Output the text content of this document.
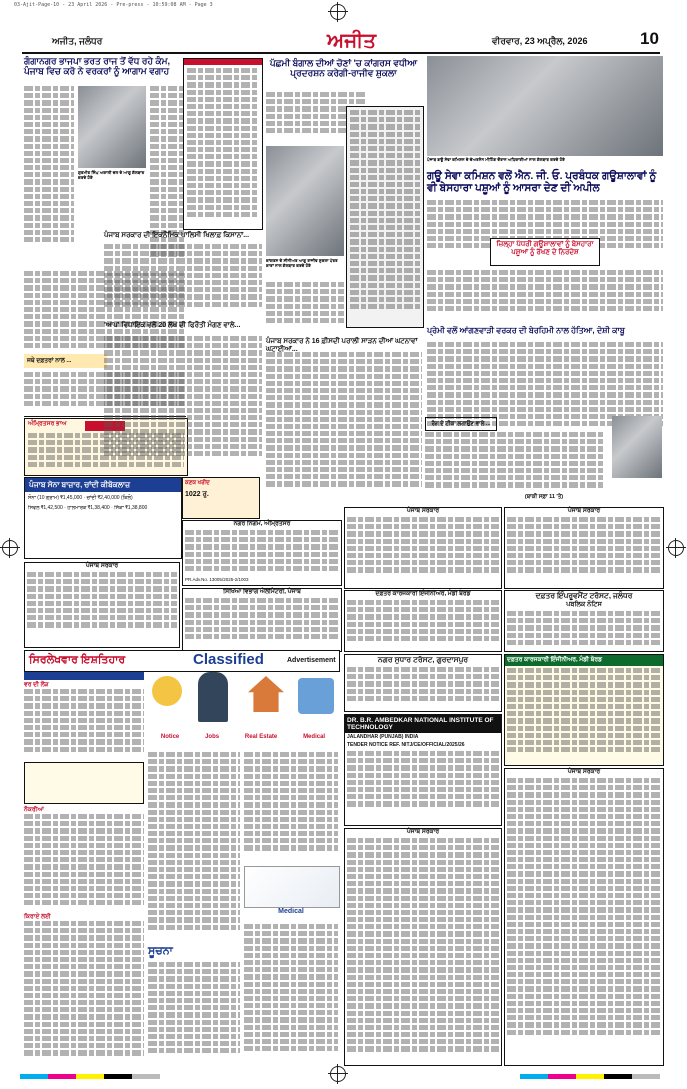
03-Ajit-Page-10 - 23 April 2026 - Pre-press - 10:59:08 AM - Page 3
ਅਜੀਤ, ਜਲੰਧਰ	ਅਜੀਤ	ਵੀਰਵਾਰ, 23 ਅਪ੍ਰੈਲ, 2026	10
ਗੰਗਾਨਗਰ ਭਾਜਪਾ ਭਰਤ ਰਾਜ ਤੋਂ ਵੱਧ ਰਹੇ ਕੰਮ, ਪੰਜਾਬ ਵਿਚ ਕਰੋ ਨੇ ਵਰਕਰਾਂ ਨੂੰ ਆਗਾਮ ਵਗਾਹ
ਗੁਰਮੀਤ ਸਿੰਘ ਅਕਾਲੀ ਦਲ ਦੇ ਆਗੂ ਗੱਲਬਾਤ ਕਰਦੇ ਹੋਏ
ਜਥੇ ਦਫ਼ਤਰਾਂ ਨਾਲ ...
ਅੰਮ੍ਰਿਤਸਰ ਭਾਅ
ਪੰਜਾਬ ਸੋਨਾ ਬਾਜ਼ਾਰ, ਚਾਂਦੀ ਕੀਬੋਕਲਾਜ਼
ਸੋਨਾ (10 ਗ੍ਰਾਮ) ₹1,45,000 · ਚਾਂਦੀ ₹2,40,000 (ਕਿਲੋ)
ਸਿਵਲ ₹1,42,500 · ਹਾਲਮਾਰਕ ₹1,38,400 · ਸਿੱਕਾ ₹1,38,800
ਕਣਕ ਖਰੀਦ
1022 ਰੁ.
ਪੰਜਾਬ ਸਰਕਾਰ ਦੀ ਇਕਨੌਮਿਕ ਪਾਲਿਸੀ ਖਿਲਾਫ਼ ਕਿਸਾਨਾਂ...
'ਆਪ' ਵਿਧਾਇਕ ਵਲੋਂ 20 ਲੱਖ ਦੀ ਫਿਰੌਤੀ ਮੰਗਣ ਵਾਲੇ...
ਪੱਛਮੀ ਬੰਗਾਲ ਦੀਆਂ ਚੋਣਾਂ 'ਚ ਕਾਂਗਰਸ ਵਧੀਆ ਪ੍ਰਦਰਸ਼ਨ ਕਰੇਗੀ-ਰਾਜੀਵ ਸ਼ੁਕਲਾ
ਕਾਂਗਰਸ ਦੇ ਸੀਨੀਅਰ ਆਗੂ ਰਾਜੀਵ ਸ਼ੁਕਲਾ ਪੱਤਰਕਾਰਾਂ ਨਾਲ ਗੱਲਬਾਤ ਕਰਦੇ ਹੋਏ
ਪੰਜਾਬ ਸਰਕਾਰ ਨੇ 16 ਫ਼ੀਸਦੀ ਪਰਾਲੀ ਸਾੜਨ ਦੀਆਂ ਘਟਨਾਵਾਂ ਘਟਾਈਆਂ...
ਪੰਜਾਬ ਗਊ ਸੇਵਾ ਕਮਿਸ਼ਨ ਦੇ ਚੇਅਰਮੈਨ ਮੀਟਿੰਗ ਦੌਰਾਨ ਅਧਿਕਾਰੀਆਂ ਨਾਲ ਗੱਲਬਾਤ ਕਰਦੇ ਹੋਏ
ਗਊ ਸੇਵਾ ਕਮਿਸ਼ਨ ਵਲੋਂ ਐਨ. ਜੀ. ਓ. ਪ੍ਰਬੰਧਕ ਗਊਸ਼ਾਲਾਵਾਂ ਨੂੰ ਵੀ ਬੇਸਹਾਰਾ ਪਸ਼ੂਆਂ ਨੂੰ ਆਸਰਾ ਦੇਣ ਦੀ ਅਪੀਲ
ਜ਼ਿਲ੍ਹਾ ਪੱਧਰੀ ਗਊਸ਼ਾਲਾਵਾਂ ਨੂੰ ਬੇਸਹਾਰਾ ਪਸ਼ੂਆਂ ਨੂੰ ਰੱਖਣ ਦੇ ਨਿਰਦੇਸ਼
ਪ੍ਰੇਮੀ ਵਲੋਂ ਆਂਗਣਵਾੜੀ ਵਰਕਰ ਦੀ ਬੇਰਹਿਮੀ ਨਾਲ ਹੱਤਿਆ, ਦੋਸ਼ੀ ਕਾਬੂ
ਰੰਗ ਦੇ ਟੀਕਾ ਲਗਾਉਣ ਵਾਲੇ ...
(ਬਾਕੀ ਸਫ਼ਾ 11 'ਤੇ)
ਪੰਜਾਬ ਸਰਕਾਰ	ਪੰਜਾਬ ਸਰਕਾਰ
ਦਫ਼ਤਰ ਇੰਪਰੂਵਮੈਂਟ ਟਰੱਸਟ, ਜਲੰਧਰ
ਪਬਲਿਕ ਨੋਟਿਸ
ਦਫ਼ਤਰ ਕਾਰਜਕਾਰੀ ਇੰਜੀਨੀਅਰ, ਮੰਡੀ ਬੋਰਡ
ਨਗਰ ਨਿਗਮ, ਅੰਮ੍ਰਿਤਸਰ
PR.Adv.No. 13005/2025-2/1003
ਸਿੱਖਿਆ ਵਿਭਾਗ ਐਲੀਮੈਂਟਰੀ, ਪੰਜਾਬ
ਪੰਜਾਬ ਸਰਕਾਰ
ਸਿਰਲੇਖਵਾਰ ਇਸ਼ਤਿਹਾਰ	Classified	Advertisement
ਵਰ ਦੀ ਲੋੜ
ਨੌਕਰੀਆਂ
ਕਿਰਾਏ ਲਈ
Notice	Jobs	Real Estate	Medical
Medical
ਸੂਚਨਾ
ਨਗਰ ਸੁਧਾਰ ਟਰੱਸਟ, ਗੁਰਦਾਸਪੁਰ
DR. B.R. AMBEDKAR NATIONAL INSTITUTE OF TECHNOLOGY
JALANDHAR (PUNJAB) INDIA
TENDER NOTICE REF. NITJ/CE/OFFICIAL/2025/26
ਪੰਜਾਬ ਸਰਕਾਰ
ਦਫ਼ਤਰ ਕਾਰਜਕਾਰੀ ਇੰਜੀਨੀਅਰ, ਮੰਡੀ ਬੋਰਡ
ਪੰਜਾਬ ਸਰਕਾਰ
